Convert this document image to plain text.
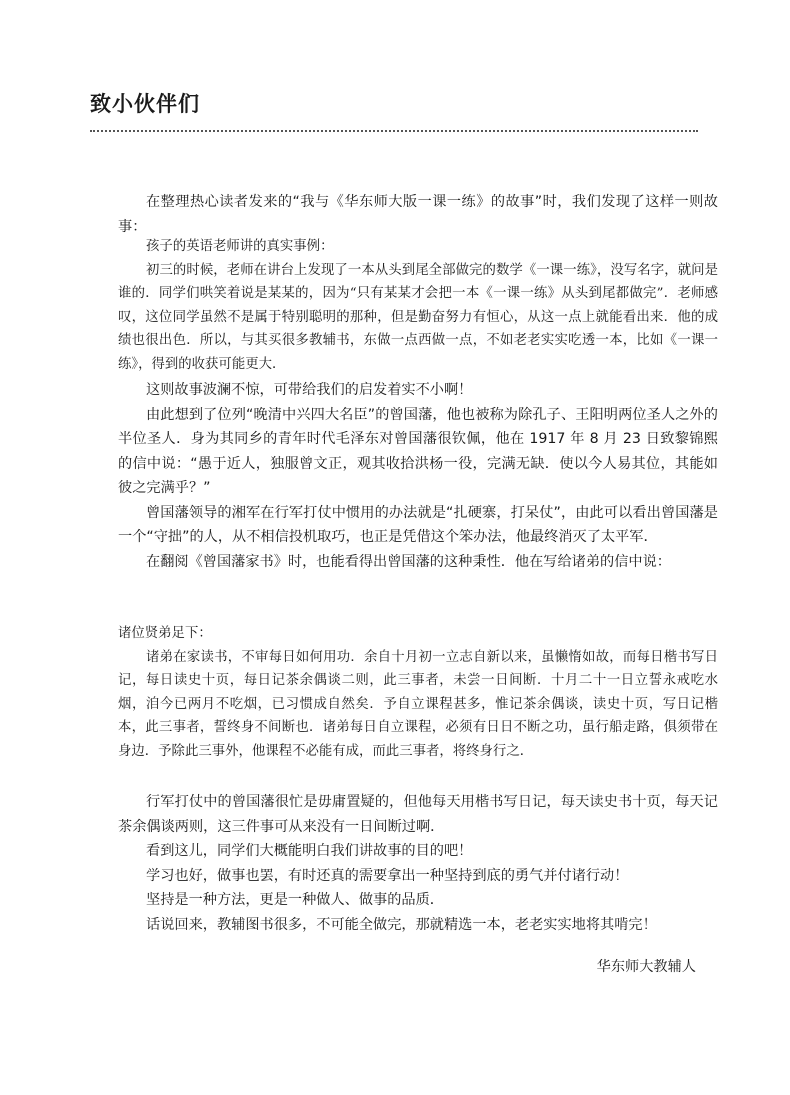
致小伙伴们

在整理热心读者发来的“我与《华东师大版一课一练》的故事”时，我们发现了这样一则故事：

孩子的英语老师讲的真实事例：

初三的时候，老师在讲台上发现了一本从头到尾全部做完的数学《一课一练》，没写名字，就问是谁的．同学们哄笑着说是某某的，因为“只有某某才会把一本《一课一练》从头到尾都做完”．老师感叹，这位同学虽然不是属于特别聪明的那种，但是勤奋努力有恒心，从这一点上就能看出来．他的成绩也很出色．所以，与其买很多教辅书，东做一点西做一点，不如老老实实吃透一本，比如《一课一练》，得到的收获可能更大．

这则故事波澜不惊，可带给我们的启发着实不小啊！

由此想到了位列“晚清中兴四大名臣”的曾国藩，他也被称为除孔子、王阳明两位圣人之外的半位圣人．身为其同乡的青年时代毛泽东对曾国藩很钦佩，他在 1917 年 8 月 23 日致黎锦熙的信中说：“愚于近人，独服曾文正，观其收拾洪杨一役，完满无缺．使以今人易其位，其能如彼之完满乎？”

曾国藩领导的湘军在行军打仗中惯用的办法就是“扎硬寨，打呆仗”，由此可以看出曾国藩是一个“守拙”的人，从不相信投机取巧，也正是凭借这个笨办法，他最终消灭了太平军．

在翻阅《曾国藩家书》时，也能看得出曾国藩的这种秉性．他在写给诸弟的信中说：

诸位贤弟足下：

诸弟在家读书，不审每日如何用功．余自十月初一立志自新以来，虽懒惰如故，而每日楷书写日记，每日读史十页，每日记茶余偶谈二则，此三事者，未尝一日间断．十月二十一日立誓永戒吃水烟，洎今已两月不吃烟，已习惯成自然矣．予自立课程甚多，惟记茶余偶谈，读史十页，写日记楷本，此三事者，誓终身不间断也．诸弟每日自立课程，必须有日日不断之功，虽行船走路，俱须带在身边．予除此三事外，他课程不必能有成，而此三事者，将终身行之．

行军打仗中的曾国藩很忙是毋庸置疑的，但他每天用楷书写日记，每天读史书十页，每天记茶余偶谈两则，这三件事可从来没有一日间断过啊．

看到这儿，同学们大概能明白我们讲故事的目的吧！

学习也好，做事也罢，有时还真的需要拿出一种坚持到底的勇气并付诸行动！

坚持是一种方法，更是一种做人、做事的品质．

话说回来，教辅图书很多，不可能全做完，那就精选一本，老老实实地将其啃完！

华东师大教辅人
